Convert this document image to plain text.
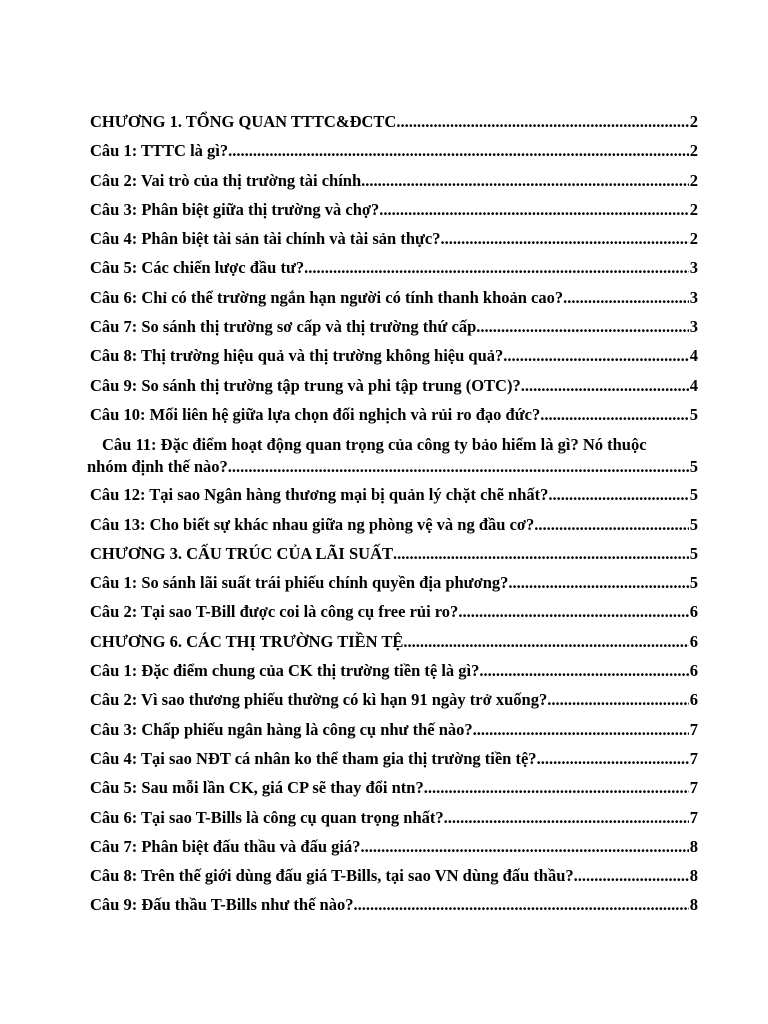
CHƯƠNG 1. TỔNG QUAN TTTC&ĐCTC .....	2
Câu 1: TTTC là gì? .....	2
Câu 2: Vai trò của thị trường tài chính .....	2
Câu 3: Phân biệt giữa thị trường và chợ? .....	2
Câu 4: Phân biệt tài sản tài chính và tài sản thực? .....	2
Câu 5: Các chiến lược đầu tư? .....	3
Câu 6: Chỉ có thể trường ngắn hạn người có tính thanh khoản cao? .....	3
Câu 7: So sánh thị trường sơ cấp và thị trường thứ cấp .....	3
Câu 8: Thị trường hiệu quả và thị trường không hiệu quả? .....	4
Câu 9: So sánh thị trường tập trung và phi tập trung (OTC)? .....	4
Câu 10: Mối liên hệ giữa lựa chọn đối nghịch và rủi ro đạo đức? .....	5
Câu 11: Đặc điểm hoạt động quan trọng của công ty bảo hiểm là gì? Nó thuộc
nhóm định thế nào? .....	5
Câu 12: Tại sao Ngân hàng thương mại bị quản lý chặt chẽ nhất? .....	5
Câu 13: Cho biết sự khác nhau giữa ng phòng vệ và ng đầu cơ? .....	5
CHƯƠNG 3. CẤU TRÚC CỦA LÃI SUẤT .....	5
Câu 1: So sánh lãi suất trái phiếu chính quyền địa phương? .....	5
Câu 2: Tại sao T-Bill được coi là công cụ free rủi ro? .....	6
CHƯƠNG 6. CÁC THỊ TRƯỜNG TIỀN TỆ .....	6
Câu 1: Đặc điểm chung của CK thị trường tiền tệ là gì? .....	6
Câu 2: Vì sao thương phiếu thường có kì hạn 91 ngày trở xuống? .....	6
Câu 3: Chấp phiếu ngân hàng là công cụ như thế nào? .....	7
Câu 4: Tại sao NĐT cá nhân ko thể tham gia thị trường tiền tệ? .....	7
Câu 5: Sau mỗi lần CK, giá CP sẽ thay đổi ntn? .....	7
Câu 6: Tại sao T-Bills là công cụ quan trọng nhất? .....	7
Câu 7: Phân biệt đấu thầu và đấu giá? .....	8
Câu 8: Trên thế giới dùng đấu giá T-Bills, tại sao VN dùng đấu thầu? .....	8
Câu 9: Đấu thầu T-Bills như thế nào? .....	8
